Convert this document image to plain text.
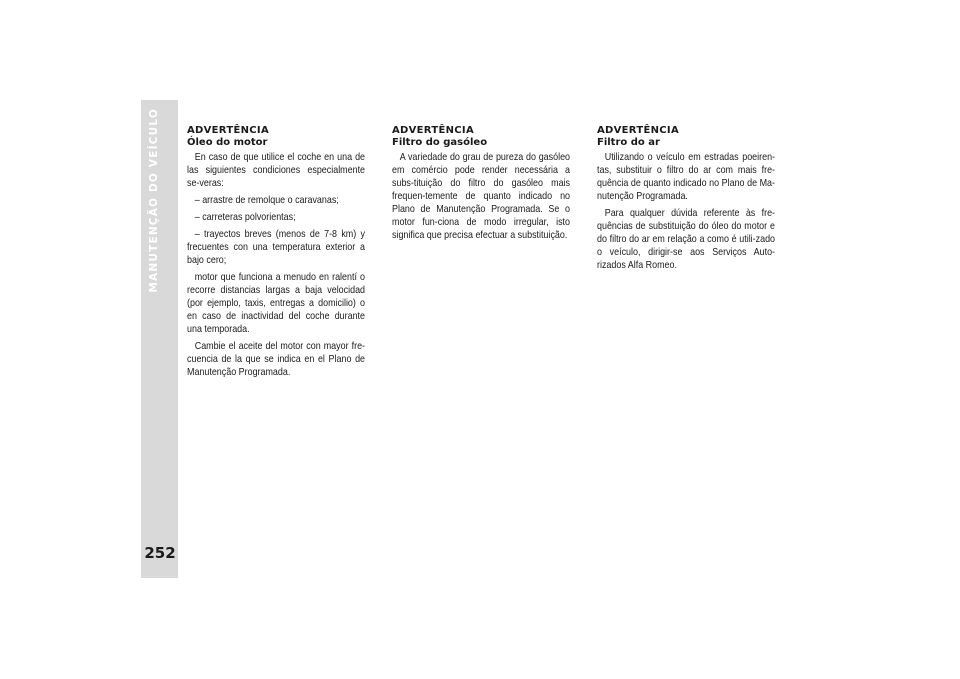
MANUTENÇÃO DO VEÍCULO
252

ADVERTÊNCIA

Óleo do motor

En caso de que utilice el coche en una de las siguientes condiciones especialmente se-veras:

– arrastre de remolque o caravanas;

– carreteras polvorientas;

– trayectos breves (menos de 7-8 km) y frecuentes con una temperatura exterior a bajo cero;

motor que funciona a menudo en ralentí o recorre distancias largas a baja velocidad (por ejemplo, taxis, entregas a domicilio) o en caso de inactividad del coche durante una temporada.

Cambie el aceite del motor con mayor fre-cuencia de la que se indica en el Plano de Manutenção Programada.

ADVERTÊNCIA

Filtro do gasóleo

A variedade do grau de pureza do gasóleo em comércio pode render necessária a subs-tituição do filtro do gasóleo mais frequen-temente de quanto indicado no Plano de Manutenção Programada. Se o motor fun-ciona de modo irregular, isto significa que precisa efectuar a substituição.

ADVERTÊNCIA

Filtro do ar

Utilizando o veículo em estradas poeiren-tas, substituir o filtro do ar com mais fre-quência de quanto indicado no Plano de Ma-nutenção Programada.

Para qualquer dúvida referente às fre-quências de substituição do óleo do motor e do filtro do ar em relação a como é utili-zado o veículo, dirigir-se aos Serviços Auto-rizados Alfa Romeo.
